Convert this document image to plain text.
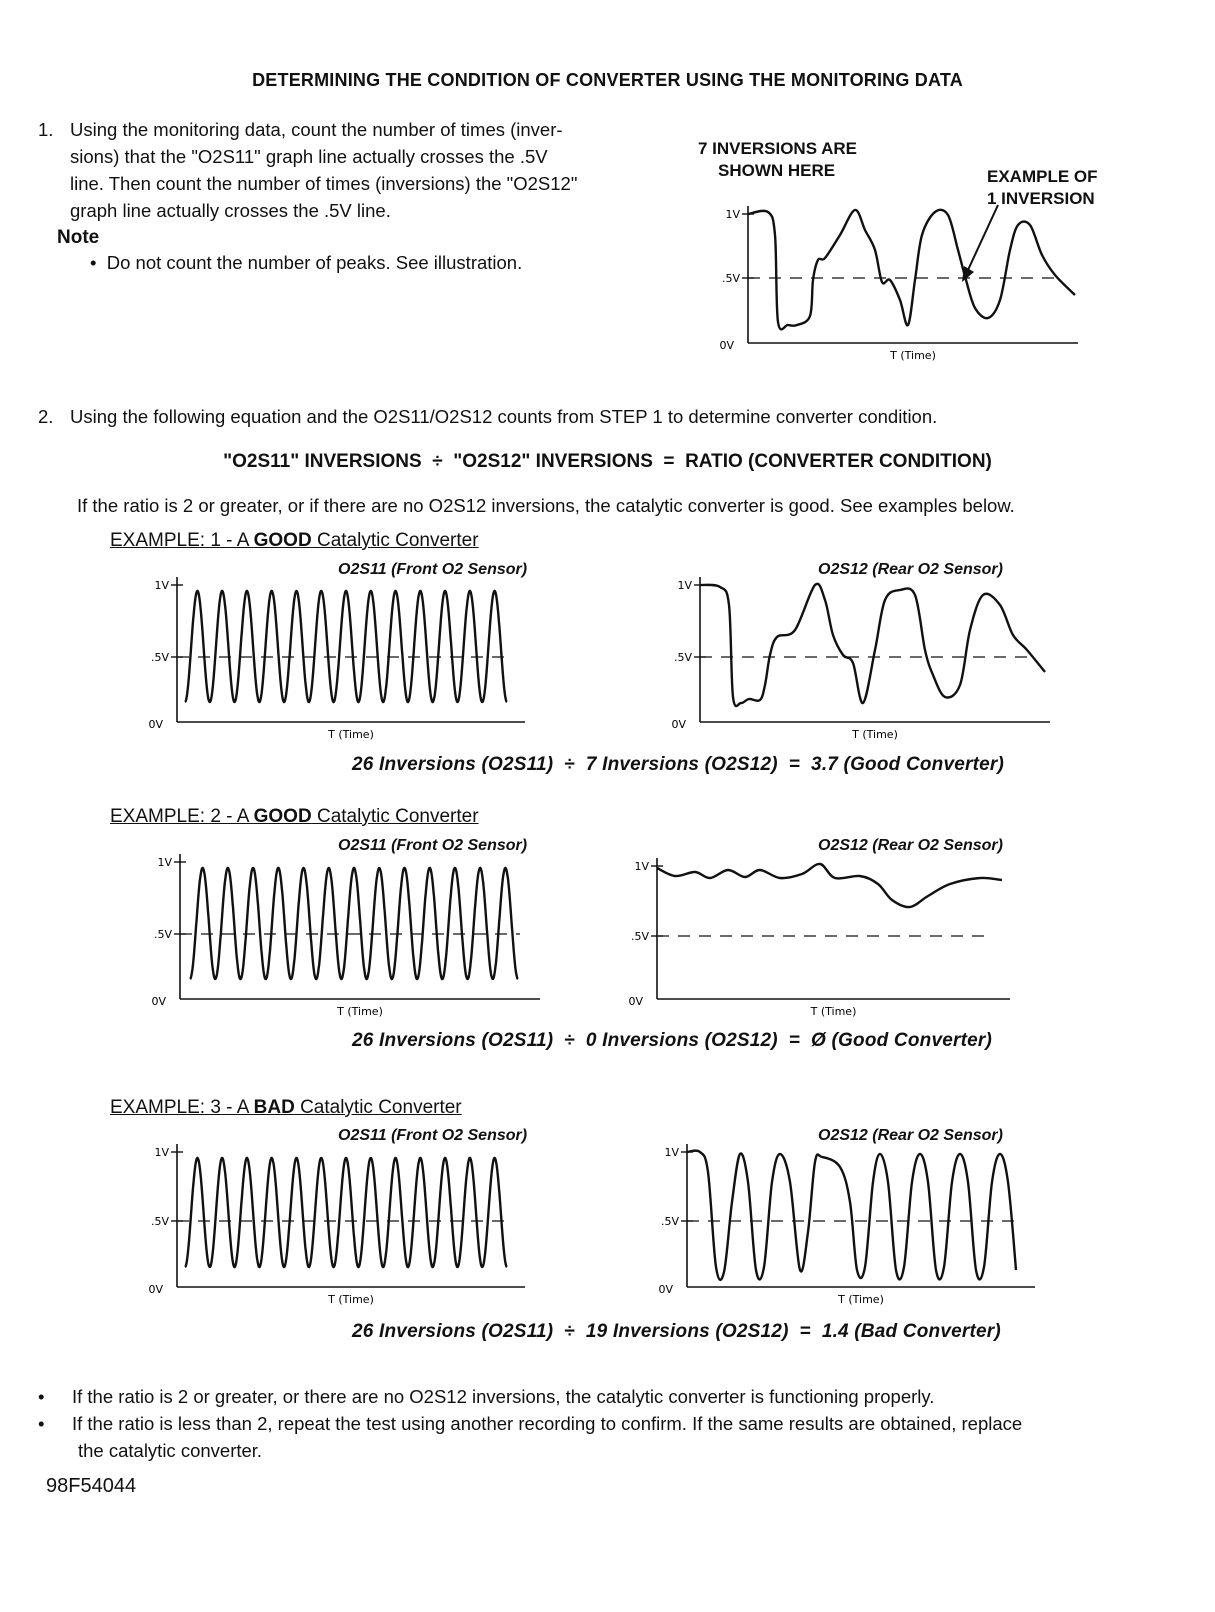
DETERMINING THE CONDITION OF CONVERTER USING THE MONITORING DATA
1. Using the monitoring data, count the number of times (inver-
sions) that the "O2S11" graph line actually crosses the .5V
line. Then count the number of times (inversions) the "O2S12"
graph line actually crosses the .5V line.
Note
•  Do not count the number of peaks. See illustration.
7 INVERSIONS ARE
SHOWN HERE	EXAMPLE OF
1 INVERSION
1V
.5V
0V
T (Time)
2. Using the following equation and the O2S11/O2S12 counts from STEP 1 to determine converter condition.
"O2S11" INVERSIONS  ÷  "O2S12" INVERSIONS  =  RATIO (CONVERTER CONDITION)
If the ratio is 2 or greater, or if there are no O2S12 inversions, the catalytic converter is good. See examples below.
EXAMPLE: 1 - A GOOD Catalytic Converter
O2S11 (Front O2 Sensor)	O2S12 (Rear O2 Sensor)
1V
.5V
0V
T (Time)
1V
.5V
0V
T (Time)
26 Inversions (O2S11)  ÷  7 Inversions (O2S12)  =  3.7 (Good Converter)
EXAMPLE: 2 - A GOOD Catalytic Converter
O2S11 (Front O2 Sensor)	O2S12 (Rear O2 Sensor)
1V
.5V
0V
T (Time)
1V
.5V
0V
T (Time)
26 Inversions (O2S11)  ÷  0 Inversions (O2S12)  =  Ø (Good Converter)
EXAMPLE: 3 - A BAD Catalytic Converter
O2S11 (Front O2 Sensor)	O2S12 (Rear O2 Sensor)
1V
.5V
0V
T (Time)
1V
.5V
0V
T (Time)
26 Inversions (O2S11)  ÷  19 Inversions (O2S12)  =  1.4 (Bad Converter)
• If the ratio is 2 or greater, or there are no O2S12 inversions, the catalytic converter is functioning properly.
• If the ratio is less than 2, repeat the test using another recording to confirm. If the same results are obtained, replace
the catalytic converter.
98F54044
